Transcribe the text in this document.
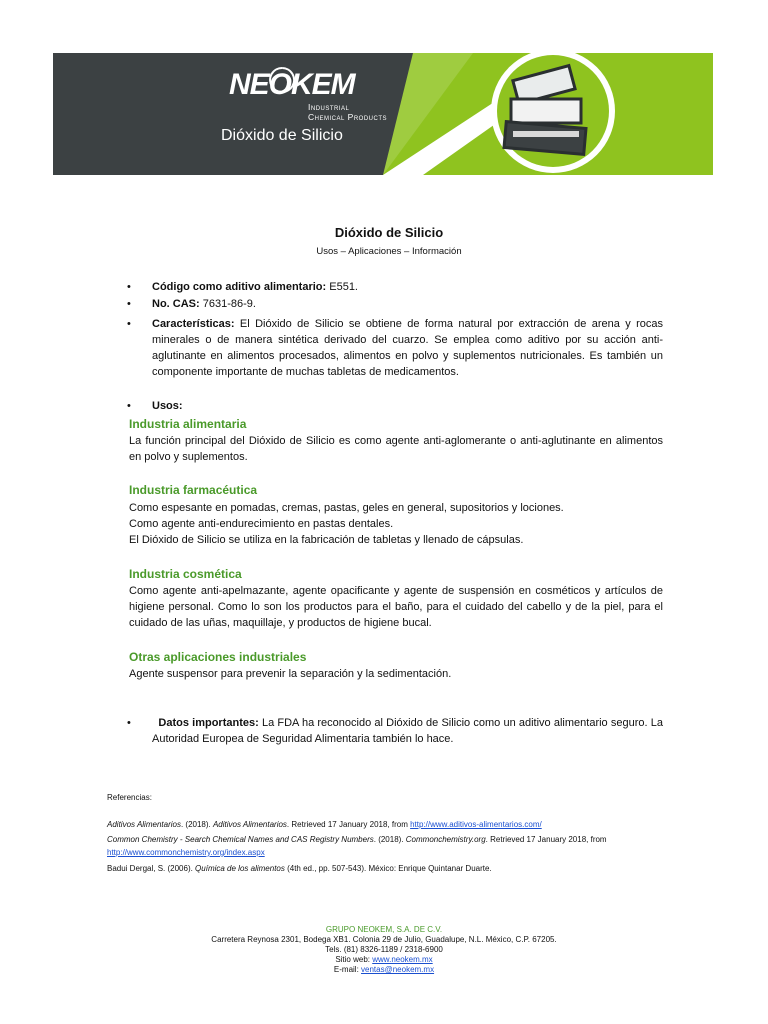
NEOKEM
Industrial
Chemical Products
Dióxido de Silicio
Dióxido de Silicio
Usos – Aplicaciones – Información
• Código como aditivo alimentario: E551.
• No. CAS: 7631-86-9.
• Características: El Dióxido de Silicio se obtiene de forma natural por extracción de arena y rocas minerales o de manera sintética derivado del cuarzo. Se emplea como aditivo por su acción anti-aglutinante en alimentos procesados, alimentos en polvo y suplementos nutricionales. Es también un componente importante de muchas tabletas de medicamentos.
• Usos:
Industria alimentaria
La función principal del Dióxido de Silicio es como agente anti-aglomerante o anti-aglutinante en alimentos en polvo y suplementos.
Industria farmacéutica
Como espesante en pomadas, cremas, pastas, geles en general, supositorios y lociones.
Como agente anti-endurecimiento en pastas dentales.
El Dióxido de Silicio se utiliza en la fabricación de tabletas y llenado de cápsulas.
Industria cosmética
Como agente anti-apelmazante, agente opacificante y agente de suspensión en cosméticos y artículos de higiene personal. Como lo son los productos para el baño, para el cuidado del cabello y de la piel, para el cuidado de las uñas, maquillaje, y productos de higiene bucal.
Otras aplicaciones industriales
Agente suspensor para prevenir la separación y la sedimentación.
•	Datos importantes: La FDA ha reconocido al Dióxido de Silicio como un aditivo alimentario seguro. La Autoridad Europea de Seguridad Alimentaria también lo hace.
Referencias:
Aditivos Alimentarios. (2018). Aditivos Alimentarios. Retrieved 17 January 2018, from http://www.aditivos-alimentarios.com/
Common Chemistry - Search Chemical Names and CAS Registry Numbers. (2018). Commonchemistry.org. Retrieved 17 January 2018, from http://www.commonchemistry.org/index.aspx
Badui Dergal, S. (2006). Química de los alimentos (4th ed., pp. 507-543). México: Enrique Quintanar Duarte.
GRUPO NEOKEM, S.A. DE C.V.
Carretera Reynosa 2301, Bodega XB1. Colonia 29 de Julio, Guadalupe, N.L. México, C.P. 67205.
Tels. (81) 8326-1189 / 2318-6900
Sitio web: www.neokem.mx
E-mail: ventas@neokem.mx
